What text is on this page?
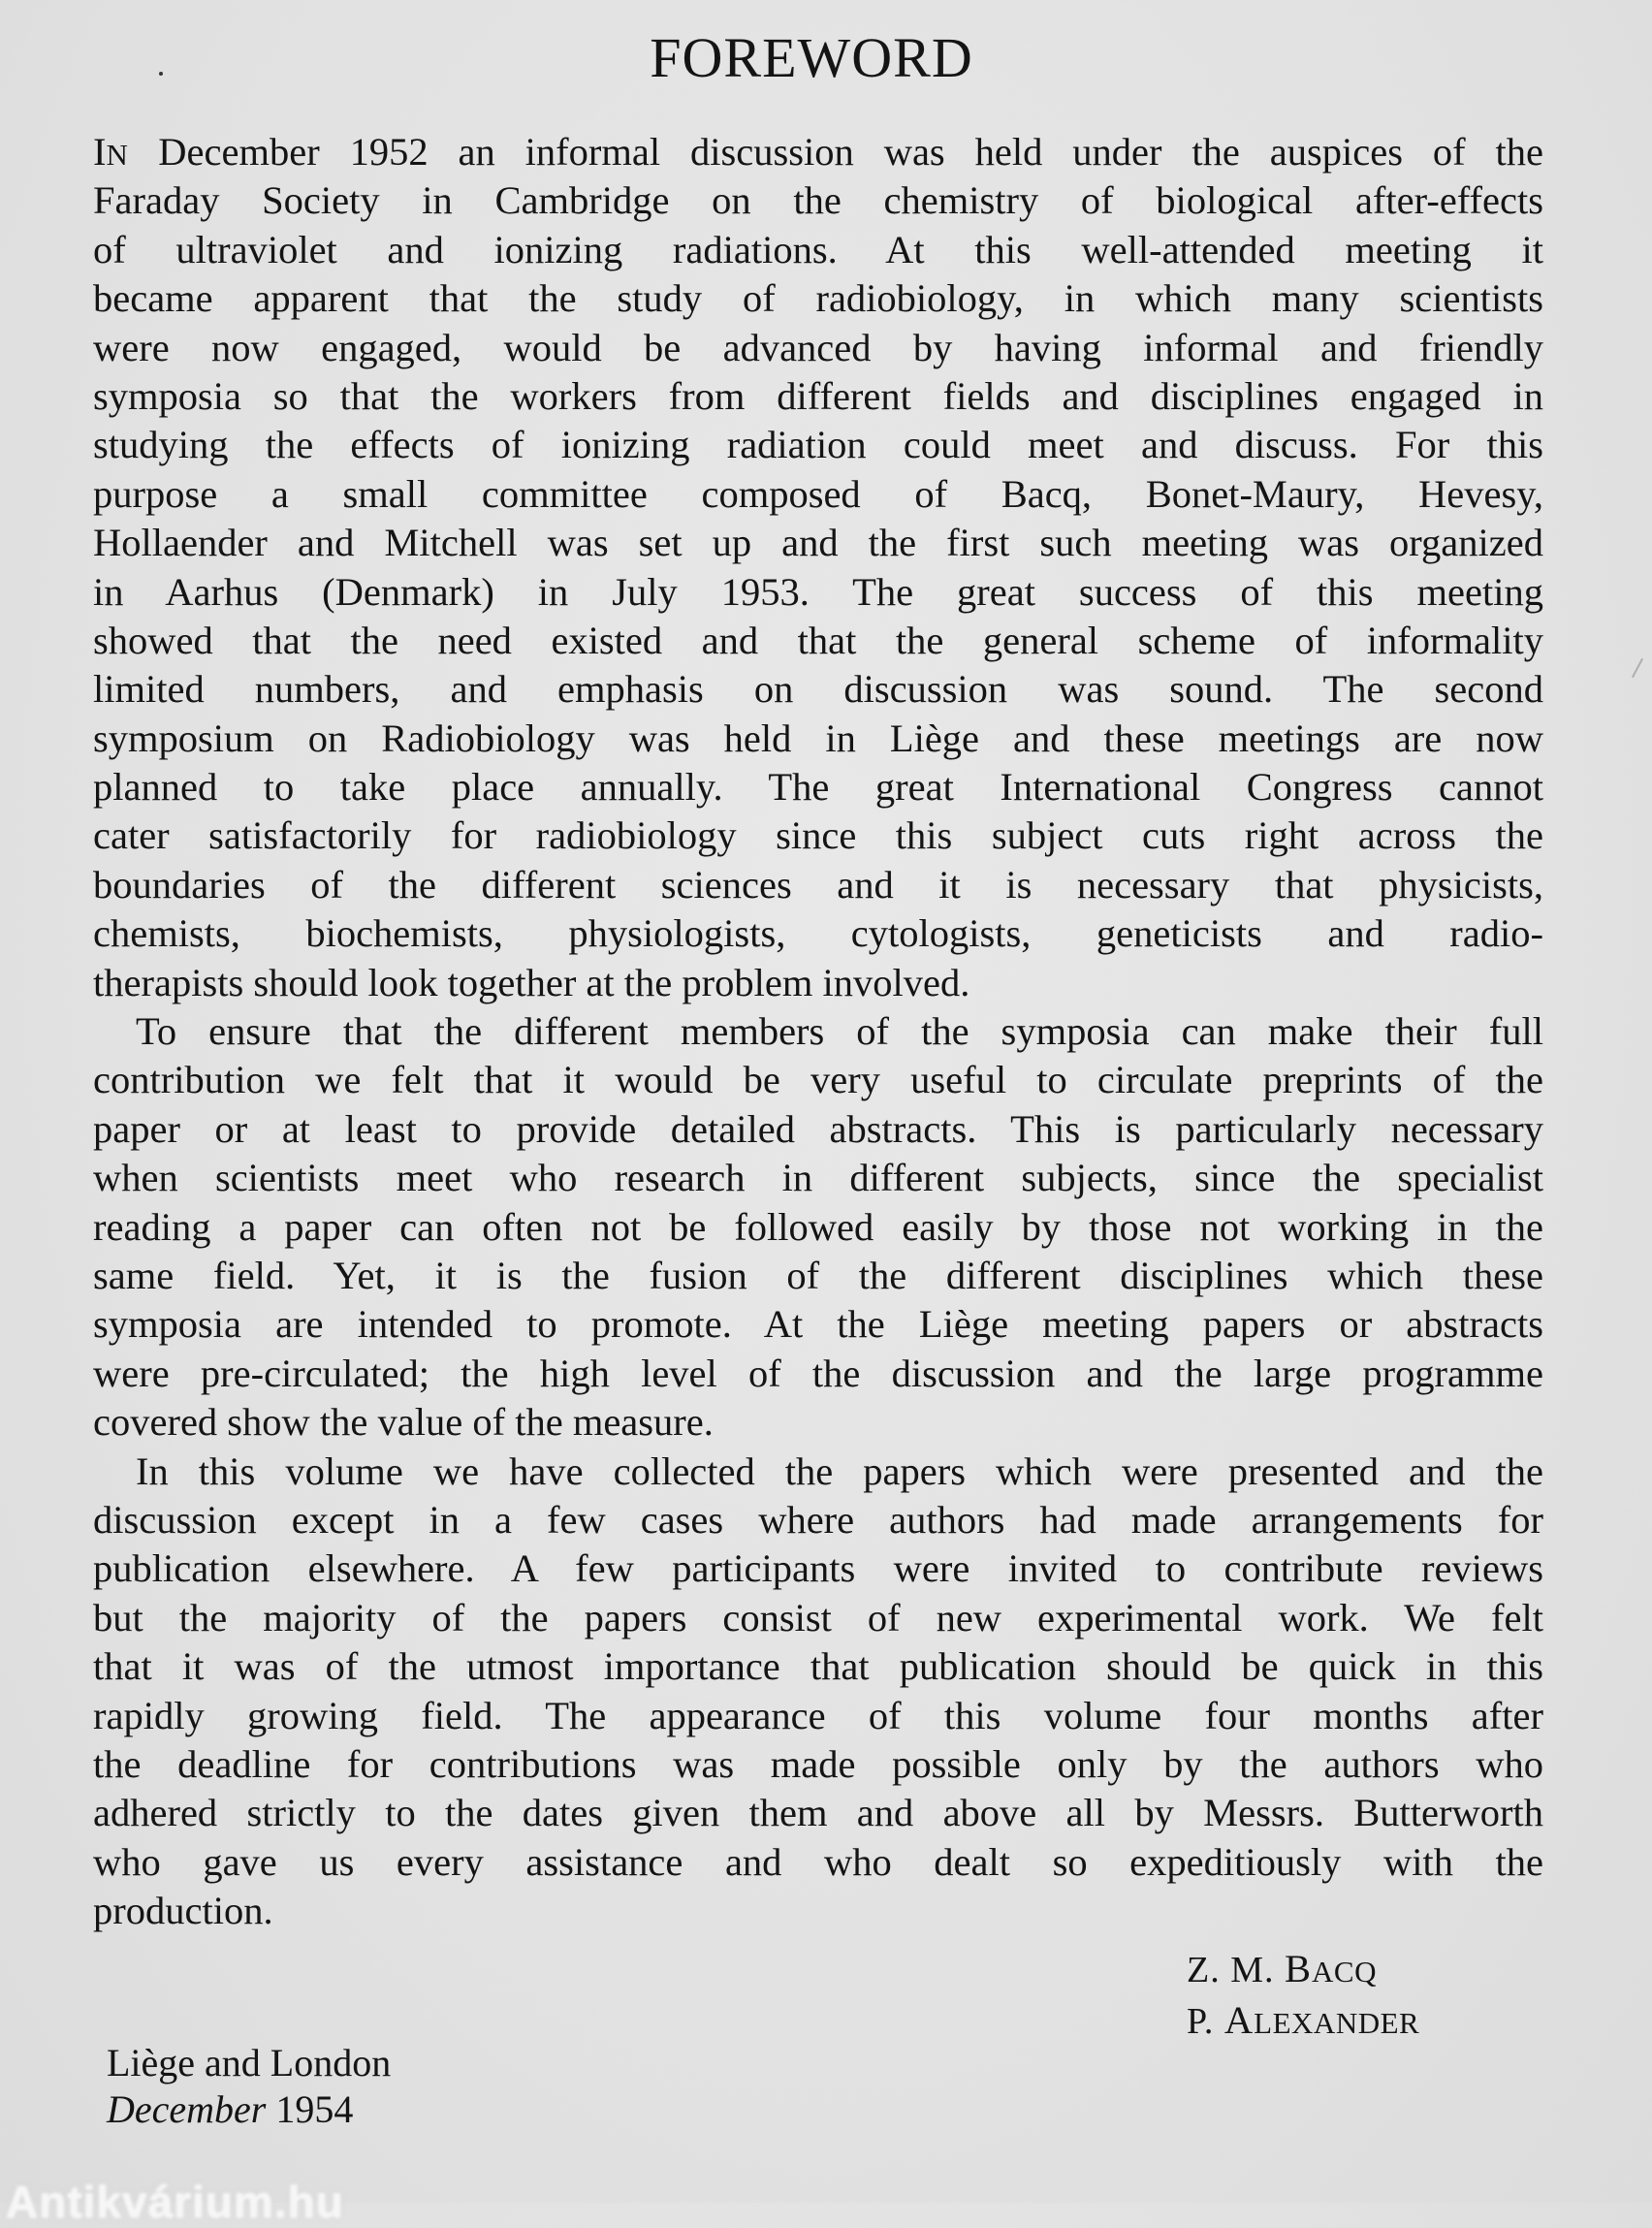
FOREWORD
IN December 1952 an informal discussion was held under the auspices of the
Faraday Society in Cambridge on the chemistry of biological after-effects
of ultraviolet and ionizing radiations. At this well-attended meeting it
became apparent that the study of radiobiology, in which many scientists
were now engaged, would be advanced by having informal and friendly
symposia so that the workers from different fields and disciplines engaged in
studying the effects of ionizing radiation could meet and discuss. For this
purpose a small committee composed of Bacq, Bonet-Maury, Hevesy,
Hollaender and Mitchell was set up and the first such meeting was organized
in Aarhus (Denmark) in July 1953. The great success of this meeting
showed that the need existed and that the general scheme of informality
limited numbers, and emphasis on discussion was sound. The second
symposium on Radiobiology was held in Liège and these meetings are now
planned to take place annually. The great International Congress cannot
cater satisfactorily for radiobiology since this subject cuts right across the
boundaries of the different sciences and it is necessary that physicists,
chemists, biochemists, physiologists, cytologists, geneticists and radio-
therapists should look together at the problem involved.
To ensure that the different members of the symposia can make their full
contribution we felt that it would be very useful to circulate preprints of the
paper or at least to provide detailed abstracts. This is particularly necessary
when scientists meet who research in different subjects, since the specialist
reading a paper can often not be followed easily by those not working in the
same field. Yet, it is the fusion of the different disciplines which these
symposia are intended to promote. At the Liège meeting papers or abstracts
were pre-circulated; the high level of the discussion and the large programme
covered show the value of the measure.
In this volume we have collected the papers which were presented and the
discussion except in a few cases where authors had made arrangements for
publication elsewhere. A few participants were invited to contribute reviews
but the majority of the papers consist of new experimental work. We felt
that it was of the utmost importance that publication should be quick in this
rapidly growing field. The appearance of this volume four months after
the deadline for contributions was made possible only by the authors who
adhered strictly to the dates given them and above all by Messrs. Butterworth
who gave us every assistance and who dealt so expeditiously with the
production.
Z. M. BACQ
P. ALEXANDER
Liège and London
December 1954
Antikvárium.hu
